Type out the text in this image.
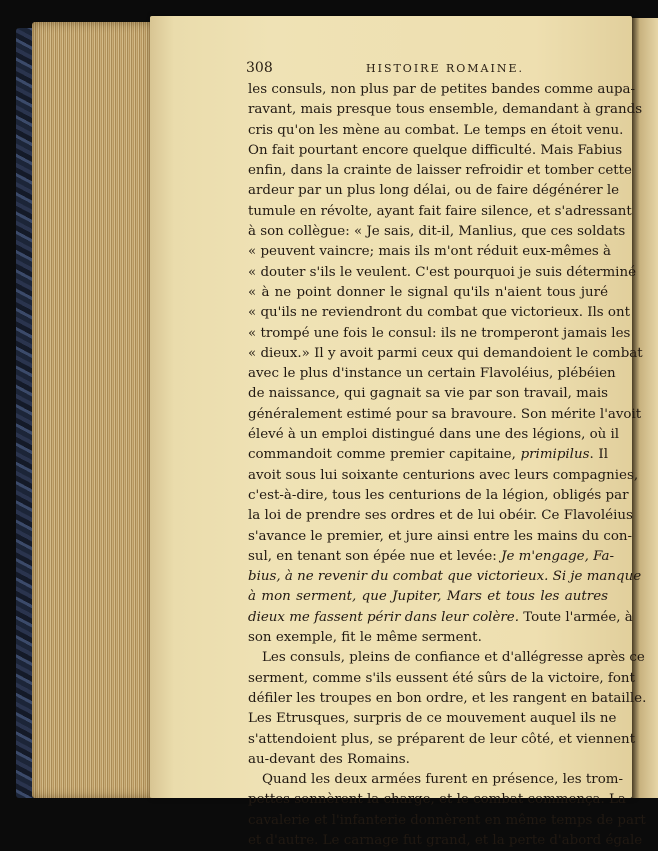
308	HISTOIRE ROMAINE.
les consuls, non plus par de petites bandes comme aupa-
ravant, mais presque tous ensemble, demandant à grands
cris qu'on les mène au combat. Le temps en étoit venu.
On fait pourtant encore quelque difficulté. Mais Fabius
enfin, dans la crainte de laisser refroidir et tomber cette
ardeur par un plus long délai, ou de faire dégénérer le
tumule en révolte, ayant fait faire silence, et s'adressant
à son collègue: « Je sais, dit-il, Manlius, que ces soldats
« peuvent vaincre; mais ils m'ont réduit eux-mêmes à
« douter s'ils le veulent. C'est pourquoi je suis déterminé
« à ne point donner le signal qu'ils n'aient tous juré
« qu'ils ne reviendront du combat que victorieux. Ils ont
« trompé une fois le consul: ils ne tromperont jamais les
« dieux.» Il y avoit parmi ceux qui demandoient le combat
avec le plus d'instance un certain Flavoléius, plébéien
de naissance, qui gagnait sa vie par son travail, mais
généralement estimé pour sa bravoure. Son mérite l'avoit
élevé à un emploi distingué dans une des légions, où il
commandoit comme premier capitaine, primipilus. Il
avoit sous lui soixante centurions avec leurs compagnies,
c'est-à-dire, tous les centurions de la légion, obligés par
la loi de prendre ses ordres et de lui obéir. Ce Flavoléius
s'avance le premier, et jure ainsi entre les mains du con-
sul, en tenant son épée nue et levée: Je m'engage, Fa-
bius, à ne revenir du combat que victorieux. Si je manque
à mon serment, que Jupiter, Mars et tous les autres
dieux me fassent périr dans leur colère. Toute l'armée, à
son exemple, fit le même serment.
Les consuls, pleins de confiance et d'allégresse après ce
serment, comme s'ils eussent été sûrs de la victoire, font
défiler les troupes en bon ordre, et les rangent en bataille.
Les Etrusques, surpris de ce mouvement auquel ils ne
s'attendoient plus, se préparent de leur côté, et viennent
au-devant des Romains.
Quand les deux armées furent en présence, les trom-
pettes sonnèrent la charge, et le combat commença. La
cavalerie et l'infanterie donnèrent en même temps de part
et d'autre. Le carnage fut grand, et la perte d'abord égale
